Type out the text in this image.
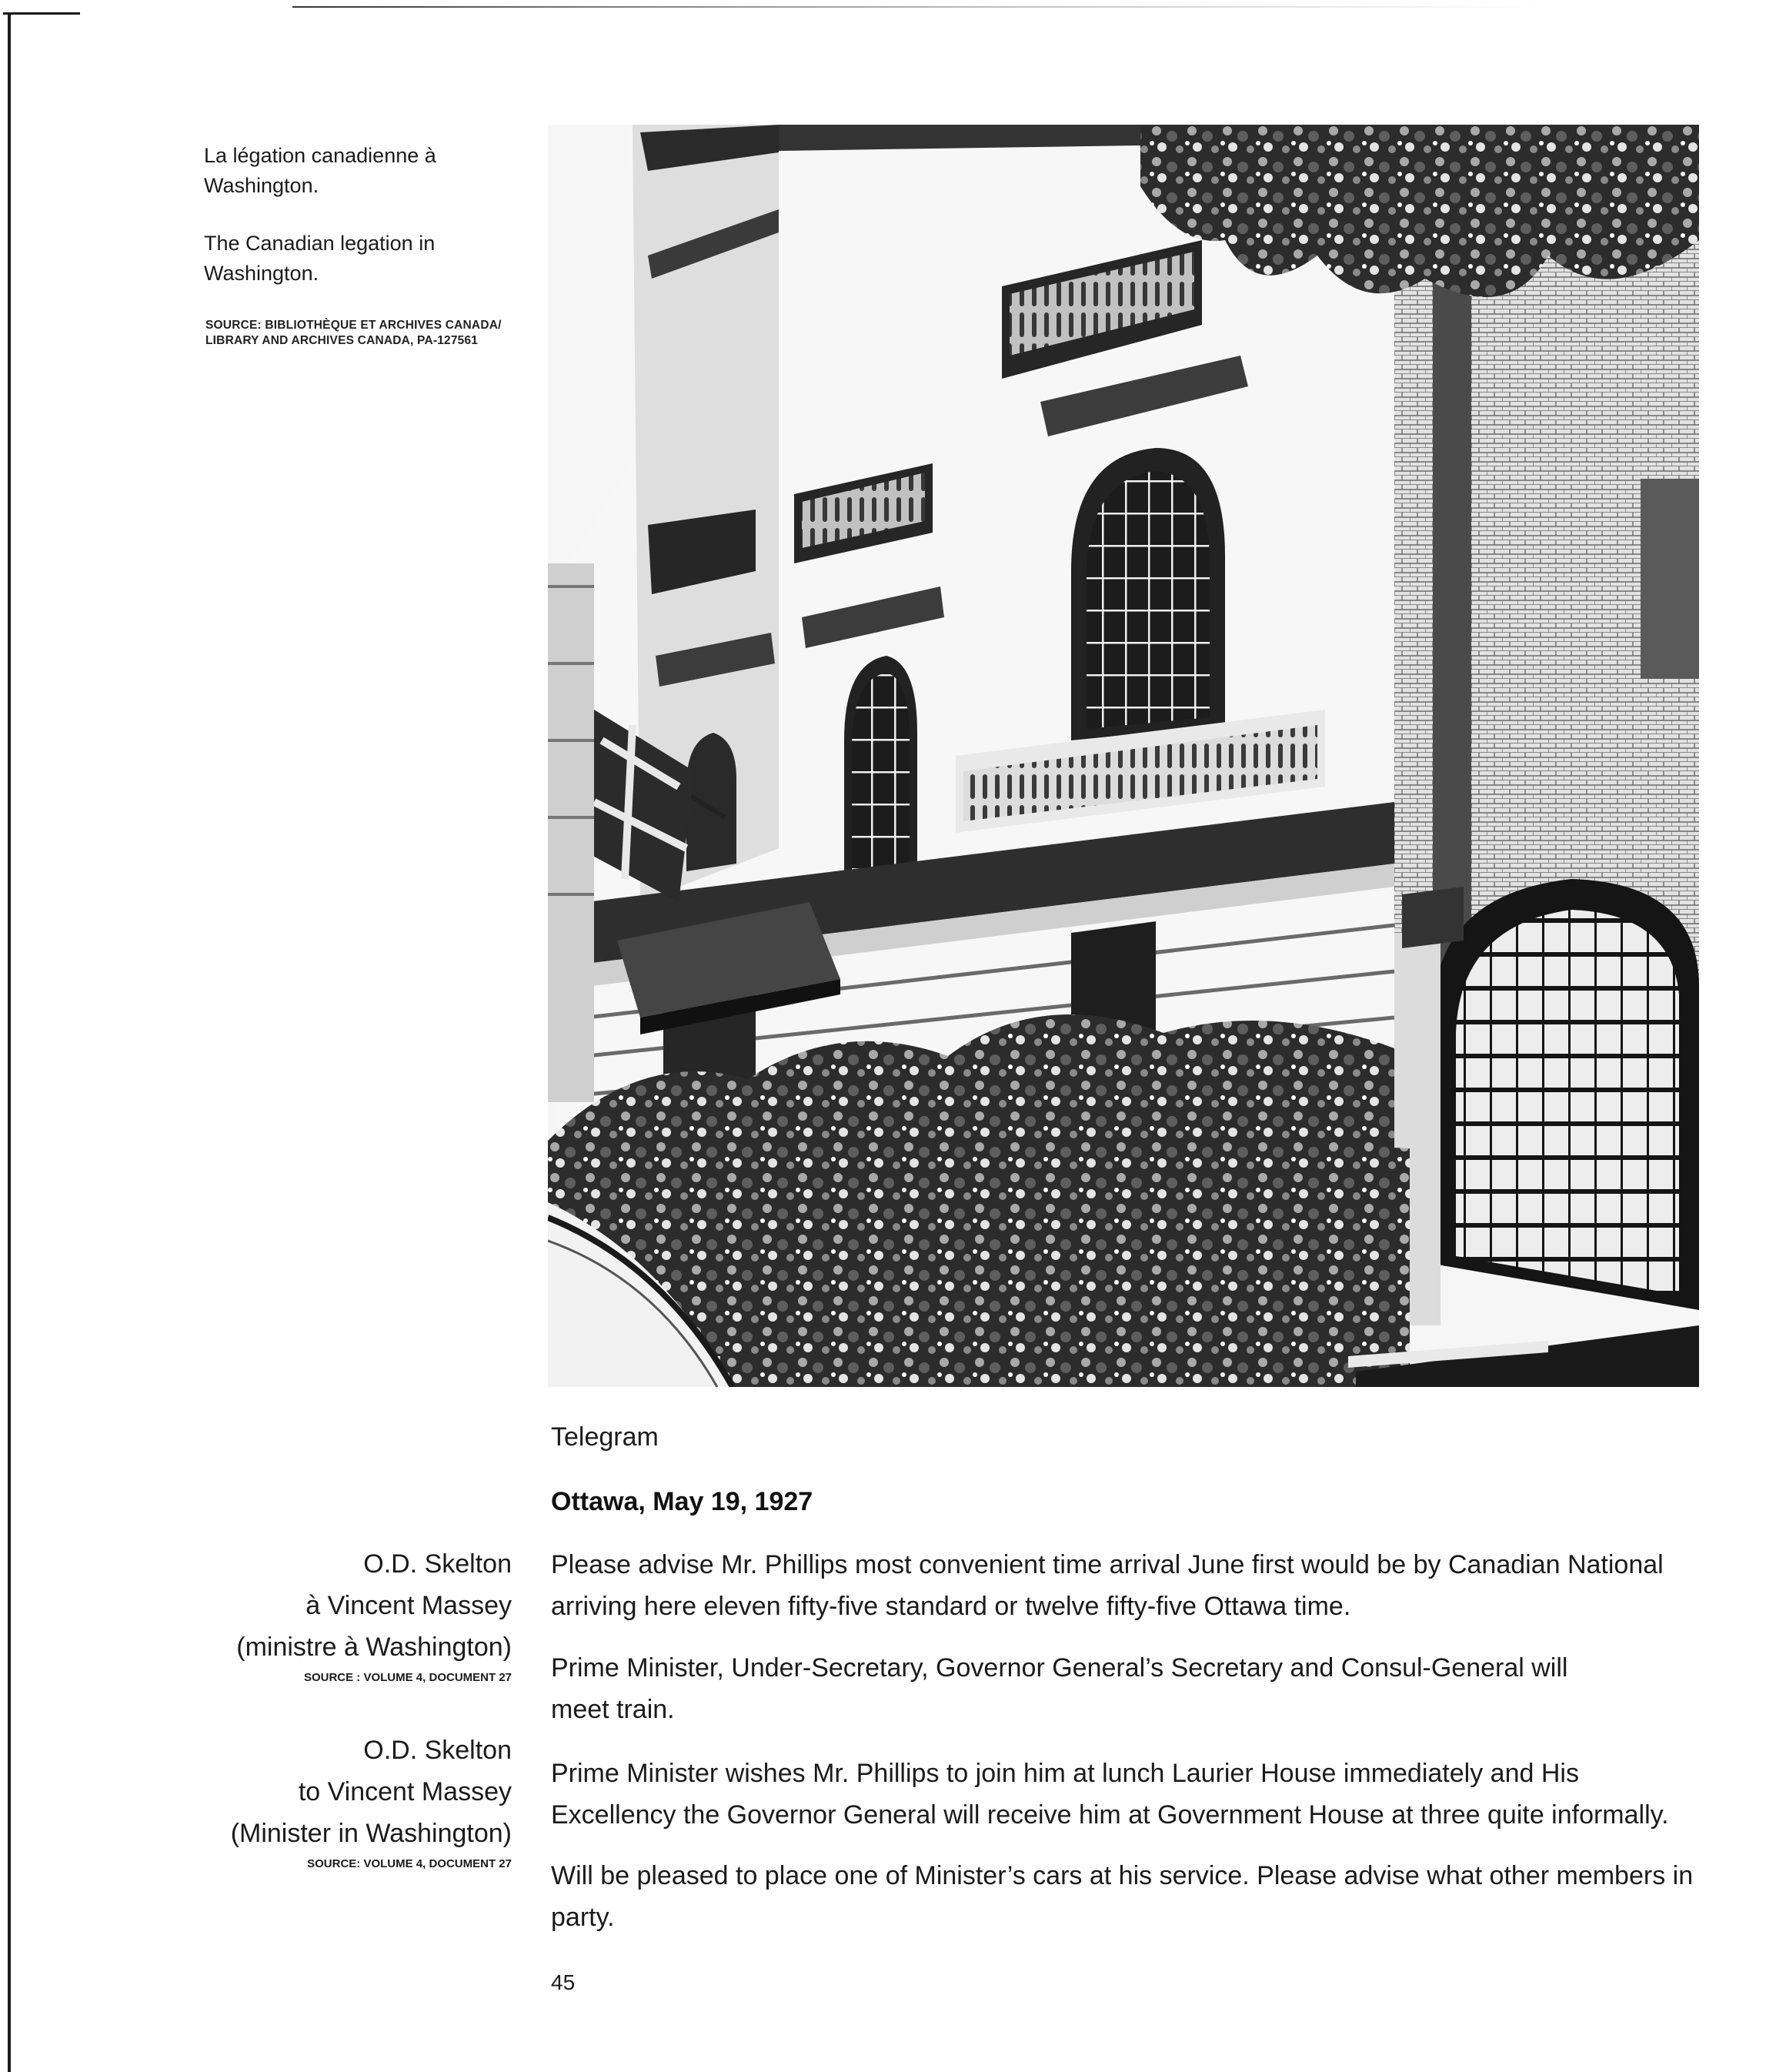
La légation canadienne à Washington.
The Canadian legation in Washington.
SOURCE: BIBLIOTHÈQUE ET ARCHIVES CANADA/ LIBRARY AND ARCHIVES CANADA, PA-127561
Telegram
Ottawa, May 19, 1927

Please advise Mr. Phillips most convenient time arrival June first would be by Canadian National arriving here eleven fifty-five standard or twelve fifty-five Ottawa time.

Prime Minister, Under-Secretary, Governor General’s Secretary and Consul-General will meet train.

Prime Minister wishes Mr. Phillips to join him at lunch Laurier House immediately and His Excellency the Governor General will receive him at Government House at three quite informally.

Will be pleased to place one of Minister’s cars at his service. Please advise what other members in party.

45
O.D. Skelton
à Vincent Massey
(ministre à Washington)
SOURCE : VOLUME 4, DOCUMENT 27
O.D. Skelton
to Vincent Massey
(Minister in Washington)
SOURCE: VOLUME 4, DOCUMENT 27
